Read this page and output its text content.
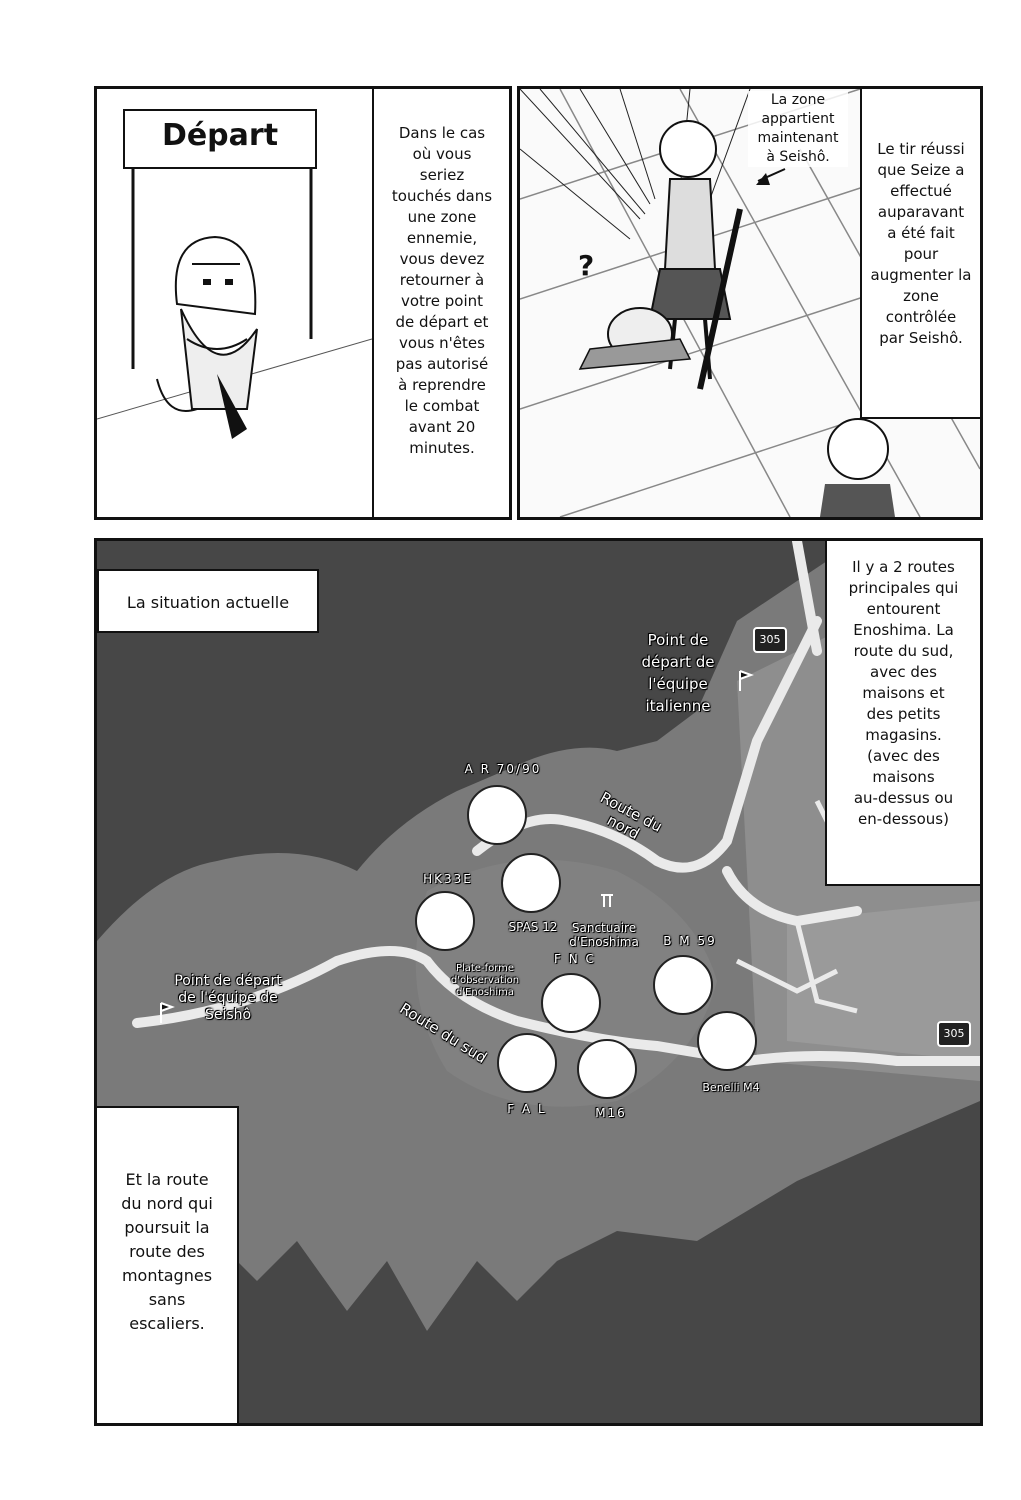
Départ	Dans le cas
où vous
seriez
touchés dans
une zone
ennemie,
vous devez
retourner à
votre point
de départ et
vous n'êtes
pas autorisé
à reprendre
le combat
avant 20
minutes.
La zone
appartient
maintenant
à Seishô.
?
Le tir réussi
que Seize a
effectué
auparavant
a été fait
pour
augmenter la
zone
contrôlée
par Seishô.
La situation actuelle
Il y a 2 routes
principales qui
entourent
Enoshima. La
route du sud,
avec des
maisons et
des petits
magasins.
(avec des
maisons
au-dessus ou
en-dessous)
Et la route
du nord qui
poursuit la
route des
montagnes
sans
escaliers.
Point de
départ de
l'équipe
italienne
Point de départ
de l'équipe de
Seishô
Route du
nord
Route du sud
Sanctuaire
d'Enoshima
Plate-forme
d'observation
d'Enoshima
305
305
A R 70/90
HK33E
SPAS 12
F N C
B M 59
Benelli M4
F A L	M16
